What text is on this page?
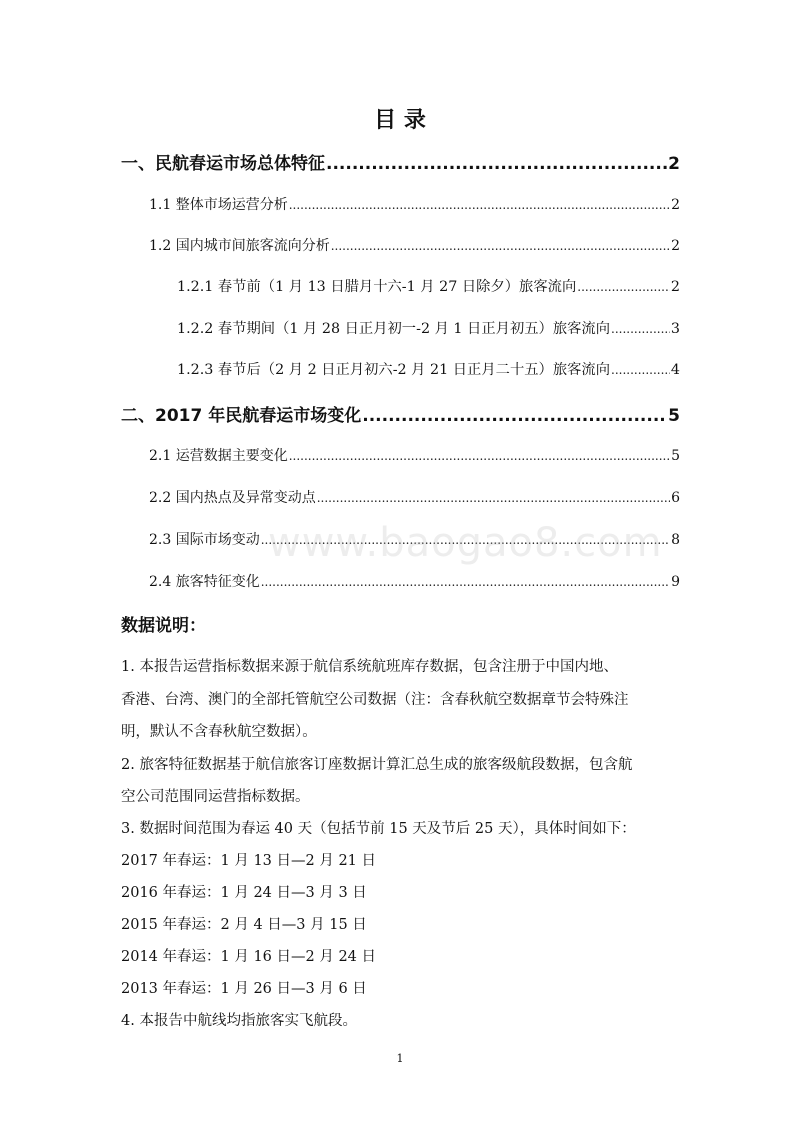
目 录
一、民航春运市场总体特征 .....	2
1.1 整体市场运营分析 .....	2
1.2 国内城市间旅客流向分析 .....	2
1.2.1 春节前（1 月 13 日腊月十六-1 月 27 日除夕）旅客流向 .....	2
1.2.2 春节期间（1 月 28 日正月初一-2 月 1 日正月初五）旅客流向 .....	3
1.2.3 春节后（2 月 2 日正月初六-2 月 21 日正月二十五）旅客流向 .....	4
二、2017 年民航春运市场变化 .....	5
2.1 运营数据主要变化 .....	5
2.2 国内热点及异常变动点 .....	6
2.3 国际市场变动 .....	8
2.4 旅客特征变化 .....	9
www.baogao8.com
数据说明：
1. 本报告运营指标数据来源于航信系统航班库存数据，包含注册于中国内地、
香港、台湾、澳门的全部托管航空公司数据（注：含春秋航空数据章节会特殊注
明，默认不含春秋航空数据）。
2. 旅客特征数据基于航信旅客订座数据计算汇总生成的旅客级航段数据，包含航
空公司范围同运营指标数据。
3. 数据时间范围为春运 40 天（包括节前 15 天及节后 25 天），具体时间如下：
2017 年春运：1 月 13 日—2 月 21 日
2016 年春运：1 月 24 日—3 月 3 日
2015 年春运：2 月 4 日—3 月 15 日
2014 年春运：1 月 16 日—2 月 24 日
2013 年春运：1 月 26 日—3 月 6 日
4. 本报告中航线均指旅客实飞航段。
1
